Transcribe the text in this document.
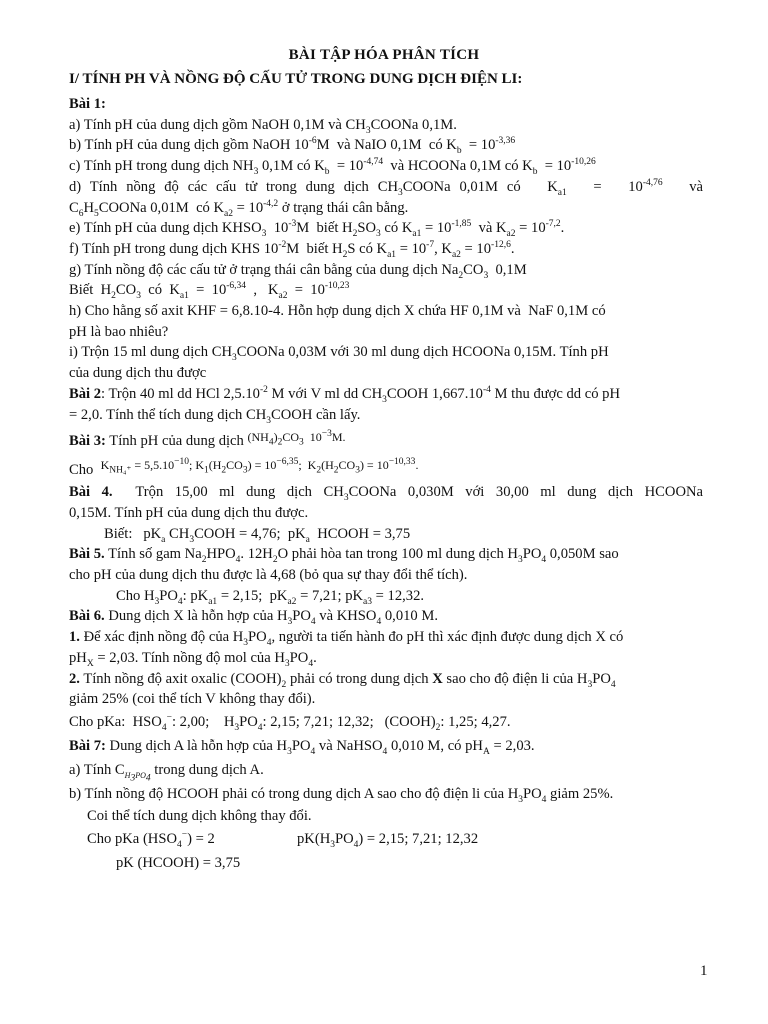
BÀI TẬP HÓA PHÂN TÍCH
I/ TÍNH PH VÀ NỒNG ĐỘ CẤU TỬ TRONG DUNG DỊCH ĐIỆN LI:

Bài 1:

a) Tính pH của dung dịch gồm NaOH 0,1M và $CH_3COONa$ 0,1M.

b) Tính pH của dung dịch gồm NaOH $10^{-6}M$  và NaIO 0,1M  có $K_b = 10^{-3,36}$

c) Tính pH trong dung dịch $NH_3$ 0,1M có $K_b = 10^{-4,74}$  và HCOONa 0,1M có $K_b = 10^{-10,26}$

d) Tính nồng độ các cấu tử trong dung dịch $CH_3COONa$ 0,01M có   $K_{a1} = 10^{-4,76}$   và

$C_6H_5COONa$ 0,01M  có $K_{a2} = 10^{-4,2}$ ở trạng thái cân bằng.

e) Tính pH của dung dịch $KHSO_3$  $10^{-3}M$  biết $H_2SO_3$ có $K_{a1} = 10^{-1,85}$  và $K_{a2} = 10^{-7,2}$.

f) Tính pH trong dung dịch KHS $10^{-2}M$  biết $H_2S$ có $K_{a1} = 10^{-7}$, $K_{a2} = 10^{-12,6}$.

g) Tính nồng độ các cấu tử ở trạng thái cân bằng của dung dịch $Na_2CO_3$  0,1M

Biết  $H_2CO_3$  có  $K_{a1} = 10^{-6,34}$  ,   $K_{a2} = 10^{-10,23}$

h) Cho hằng số axit KHF = 6,8.10-4. Hỗn hợp dung dịch X chứa HF 0,1M và  NaF 0,1M có

pH là bao nhiêu?

i) Trộn 15 ml dung dịch $CH_3COONa$ 0,03M với 30 ml dung dịch HCOONa 0,15M. Tính pH

của dung dịch thu được

Bài 2: Trộn 40 ml dd HCl $2,5.10^{-2}$ M với V ml dd $CH_3COOH$ $1,667.10^{-4}$ M thu được dd có pH

= 2,0. Tính thể tích dung dịch $CH_3COOH$ cần lấy.

Bài 3: Tính pH của dung dịch $^{(NH_4)_2CO_3 10^{-3}M.}$

Cho  $^{K_{NH_4^+} = 5,5.10^{-10}; K_1(H_2CO_3) = 10^{-6,35}; K_2(H_2CO_3) = 10^{-10,33}.}$

Bài 4.  Trộn 15,00 ml dung dịch $CH_3COONa$ 0,030M với 30,00 ml dung dịch HCOONa

0,15M. Tính pH của dung dịch thu được.

Biết:   $pK_a$ $CH_3COOH = 4,76$;  $pK_a$  HCOOH = 3,75

Bài 5. Tính số gam $Na_2HPO_4$. $12H_2O$ phải hòa tan trong 100 ml dung dịch $H_3PO_4$ 0,050M sao

cho pH của dung dịch thu được là 4,68 (bỏ qua sự thay đổi thể tích).

Cho $H_3PO_4$: $pK_{a1} = 2,15$;  $pK_{a2} = 7,21$; $pK_{a3} = 12,32$.

Bài 6. Dung dịch X là hỗn hợp của $H_3PO_4$ và $KHSO_4$ 0,010 M.

1. Để xác định nồng độ của $H_3PO_4$, người ta tiến hành đo pH thì xác định được dung dịch X có

$pH_X = 2,03$. Tính nồng độ mol của $H_3PO_4$.

2. Tính nồng độ axit oxalic $(COOH)_2$ phải có trong dung dịch X sao cho độ điện li của $H_3PO_4$

giảm 25% (coi thể tích V không thay đổi).

Cho pKa:  $HSO_4^-$: 2,00;    $H_3PO_4$: 2,15; 7,21; 12,32;   $(COOH)_2$: 1,25; 4,27.

Bài 7: Dung dịch A là hỗn hợp của $H_3PO_4$ và NaHSO$_4$ 0,010 M, có $pH_A = 2,03$.

a) Tính $C_{H_3PO_4}$ trong dung dịch A.

b) Tính nồng độ HCOOH phải có trong dung dịch A sao cho độ điện li của $H_3PO_4$ giảm 25%.

Coi thể tích dung dịch không thay đổi.

Cho pKa $(HSO_4^-) = 2$	$pK(H_3PO_4) = 2,15$; 7,21; 12,32

pK (HCOOH) = 3,75

1
